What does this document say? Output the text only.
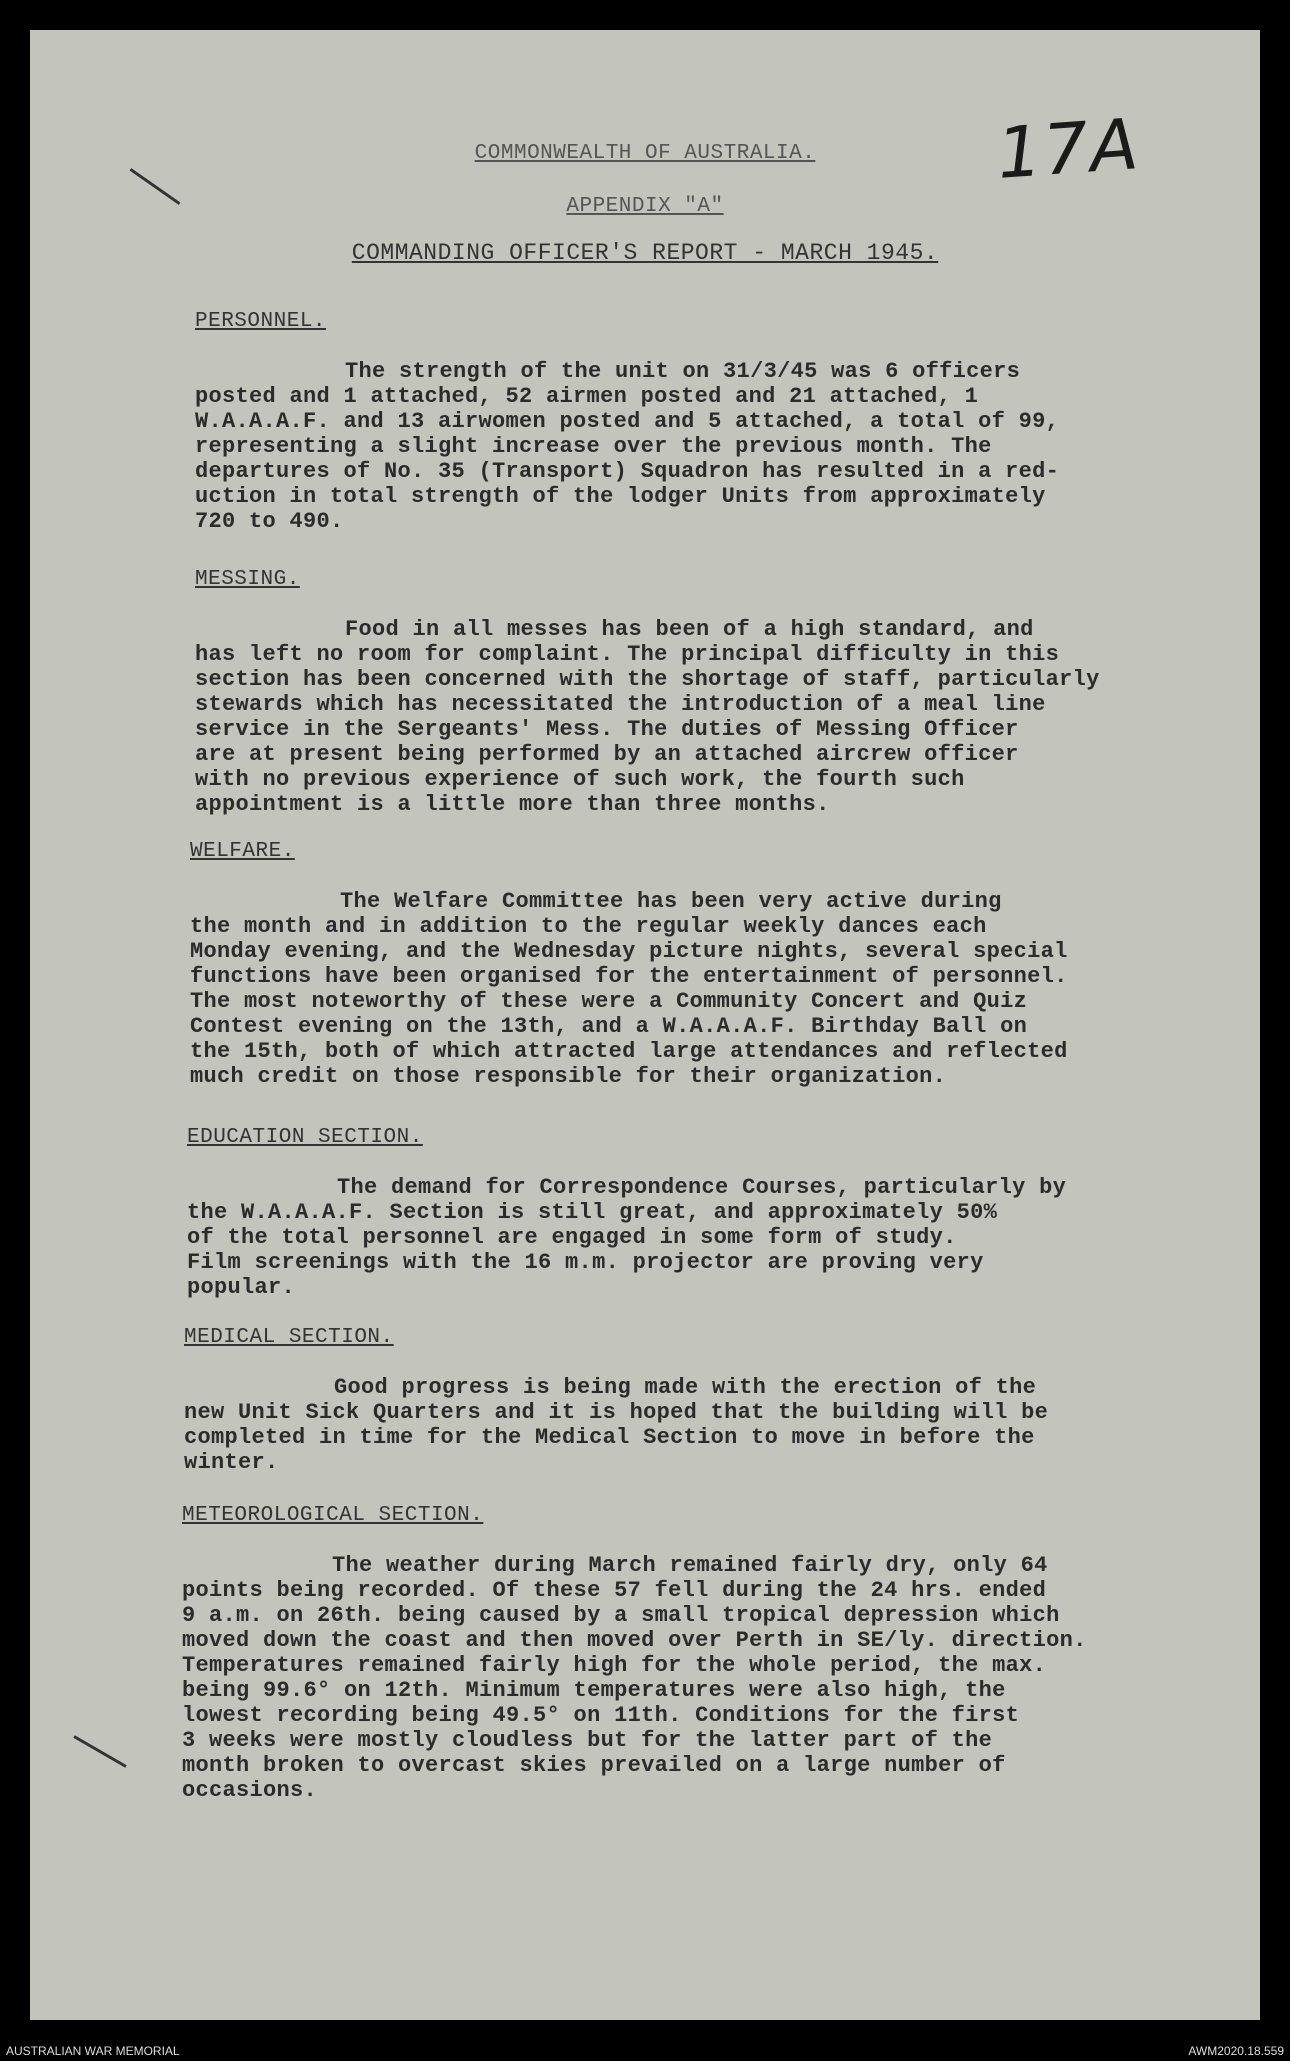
17A
COMMONWEALTH OF AUSTRALIA.
APPENDIX "A"
COMMANDING OFFICER'S REPORT - MARCH 1945.
PERSONNEL.

The strength of the unit on 31/3/45 was 6 officers
posted and 1 attached, 52 airmen posted and 21 attached, 1
W.A.A.A.F. and 13 airwomen posted and 5 attached, a total of 99,
representing a slight increase over the previous month. The
departures of No. 35 (Transport) Squadron has resulted in a red-
uction in total strength of the lodger Units from approximately
720 to 490.

MESSING.

Food in all messes has been of a high standard, and
has left no room for complaint. The principal difficulty in this
section has been concerned with the shortage of staff, particularly
stewards which has necessitated the introduction of a meal line
service in the Sergeants' Mess. The duties of Messing Officer
are at present being performed by an attached aircrew officer
with no previous experience of such work, the fourth such
appointment is a little more than three months.

WELFARE.

The Welfare Committee has been very active during
the month and in addition to the regular weekly dances each
Monday evening, and the Wednesday picture nights, several special
functions have been organised for the entertainment of personnel.
The most noteworthy of these were a Community Concert and Quiz
Contest evening on the 13th, and a W.A.A.A.F. Birthday Ball on
the 15th, both of which attracted large attendances and reflected
much credit on those responsible for their organization.

EDUCATION SECTION.

The demand for Correspondence Courses, particularly by
the W.A.A.A.F. Section is still great, and approximately 50%
of the total personnel are engaged in some form of study.
Film screenings with the 16 m.m. projector are proving very
popular.

MEDICAL SECTION.

Good progress is being made with the erection of the
new Unit Sick Quarters and it is hoped that the building will be
completed in time for the Medical Section to move in before the
winter.

METEOROLOGICAL SECTION.

The weather during March remained fairly dry, only 64
points being recorded. Of these 57 fell during the 24 hrs. ended
9 a.m. on 26th. being caused by a small tropical depression which
moved down the coast and then moved over Perth in SE/ly. direction.
Temperatures remained fairly high for the whole period, the max.
being 99.6° on 12th. Minimum temperatures were also high, the
lowest recording being 49.5° on 11th. Conditions for the first
3 weeks were mostly cloudless but for the latter part of the
month broken to overcast skies prevailed on a large number of
occasions.

AUSTRALIAN WAR MEMORIAL	AWM2020.18.559
